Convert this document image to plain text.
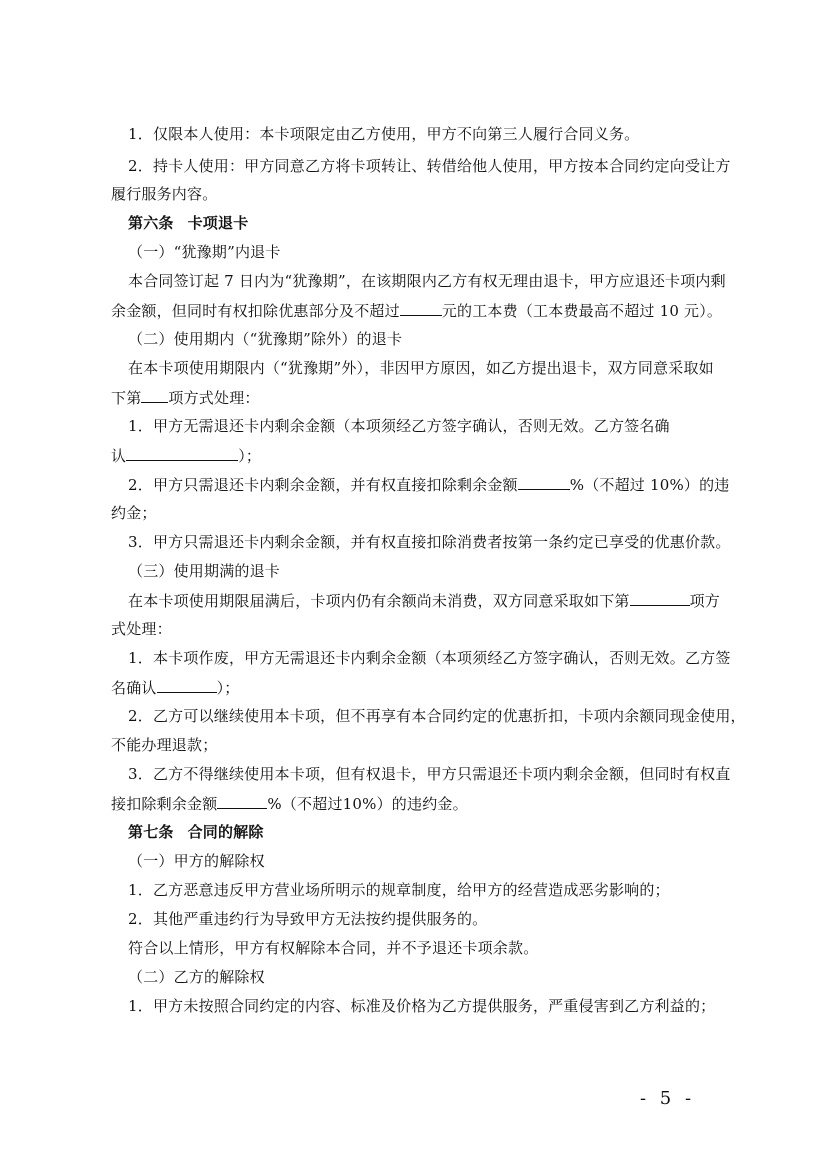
1．仅限本人使用：本卡项限定由乙方使用，甲方不向第三人履行合同义务。
2．持卡人使用：甲方同意乙方将卡项转让、转借给他人使用，甲方按本合同约定向受让方
履行服务内容。
第六条 卡项退卡
（一）“犹豫期”内退卡
本合同签订起 7 日内为“犹豫期”，在该期限内乙方有权无理由退卡，甲方应退还卡项内剩
余金额，但同时有权扣除优惠部分及不超过	元的工本费（工本费最高不超过 10 元）。
（二）使用期内（“犹豫期”除外）的退卡
在本卡项使用期限内（“犹豫期”外），非因甲方原因，如乙方提出退卡，双方同意采取如
下第 项方式处理：
1．甲方无需退还卡内剩余金额（本项须经乙方签字确认，否则无效。乙方签名确
认	）；
2．甲方只需退还卡内剩余金额，并有权直接扣除剩余金额	%（不超过 10%）的违
约金；
3．甲方只需退还卡内剩余金额，并有权直接扣除消费者按第一条约定已享受的优惠价款。
（三）使用期满的退卡
在本卡项使用期限届满后，卡项内仍有余额尚未消费，双方同意采取如下第	项方
式处理：
1．本卡项作废，甲方无需退还卡内剩余金额（本项须经乙方签字确认，否则无效。乙方签
名确认	）；
2．乙方可以继续使用本卡项，但不再享有本合同约定的优惠折扣，卡项内余额同现金使用，
不能办理退款；
3．乙方不得继续使用本卡项，但有权退卡，甲方只需退还卡项内剩余金额，但同时有权直
接扣除剩余金额	%（不超过10%）的违约金。
第七条 合同的解除
（一）甲方的解除权
1．乙方恶意违反甲方营业场所明示的规章制度，给甲方的经营造成恶劣影响的；
2．其他严重违约行为导致甲方无法按约提供服务的。
符合以上情形，甲方有权解除本合同，并不予退还卡项余款。
（二）乙方的解除权
1．甲方未按照合同约定的内容、标准及价格为乙方提供服务，严重侵害到乙方利益的；
- 5 -
